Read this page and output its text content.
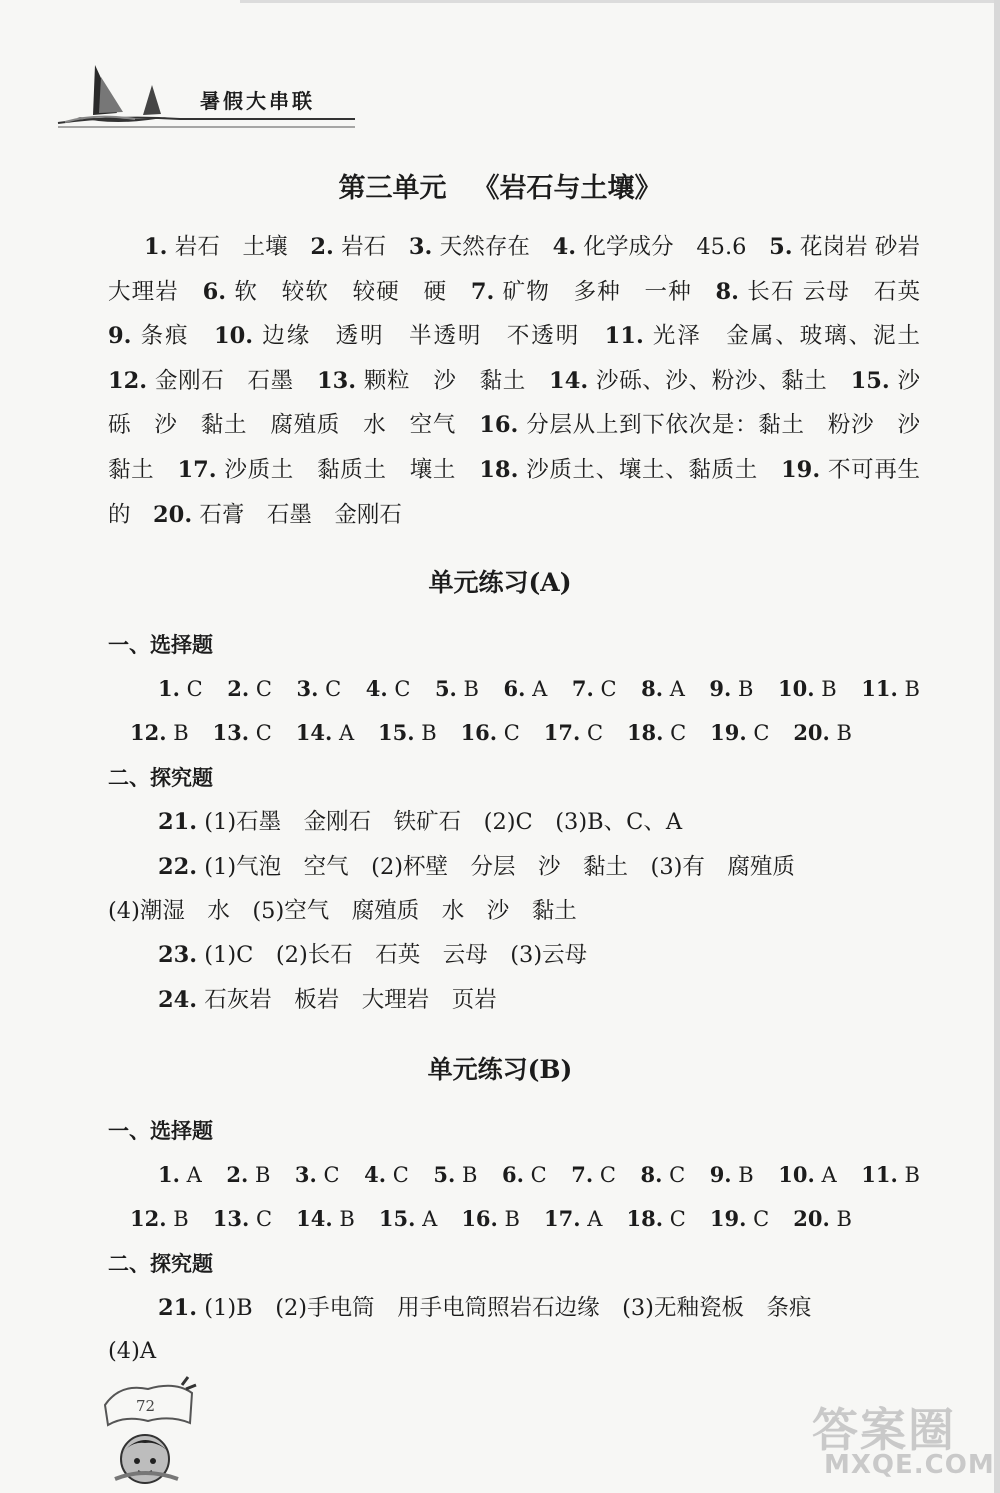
暑假大串联
第三单元 《岩石与土壤》
1. 岩石　土壤　2. 岩石　3. 天然存在　4. 化学成分　45.6　5. 花岗岩 砂岩　大理岩　6. 软　较软　较硬　硬　7. 矿物　多种　一种　8. 长石 云母　石英　9. 条痕　10. 边缘　透明　半透明　不透明　11. 光泽　金属、玻璃、泥土　12. 金刚石　石墨　13. 颗粒　沙　黏土　14. 沙砾、沙、粉沙、黏土　15. 沙砾　沙　黏土　腐殖质　水　空气　16. 分层从上到下依次是：黏土　粉沙　沙　黏土　17. 沙质土　黏质土　壤土　18. 沙质土、壤土、黏质土　19. 不可再生的　20. 石膏　石墨　金刚石
单元练习(A)
一、选择题
1. C 2. C 3. C 4. C 5. B 6. A 7. C 8. A 9. B 10. B 11. B
12. B 13. C 14. A 15. B 16. C 17. C 18. C 19. C 20. B
二、探究题
21. (1)石墨　金刚石　铁矿石　(2)C　(3)B、C、A
22. (1)气泡　空气　(2)杯壁　分层　沙　黏土　(3)有　腐殖质
(4)潮湿　水　(5)空气　腐殖质　水　沙　黏土
23. (1)C　(2)长石　石英　云母　(3)云母
24. 石灰岩　板岩　大理岩　页岩
单元练习(B)
一、选择题
1. A 2. B 3. C 4. C 5. B 6. C 7. C 8. C 9. B 10. A 11. B
12. B 13. C 14. B 15. A 16. B 17. A 18. C 19. C 20. B
二、探究题
21. (1)B　(2)手电筒　用手电筒照岩石边缘　(3)无釉瓷板　条痕
(4)A
72	答案圈
MXQE.COM
